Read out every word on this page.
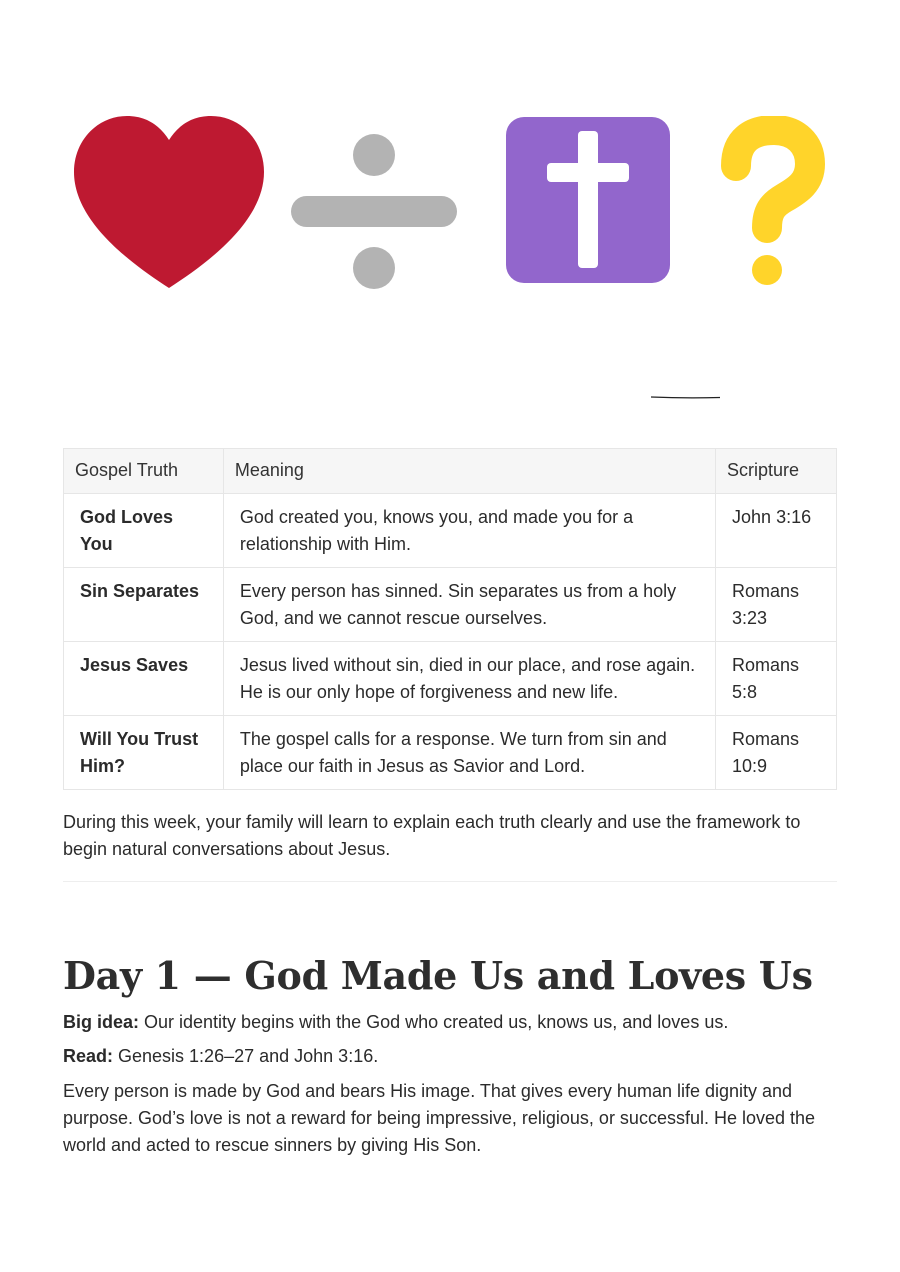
Gospel Truth	Meaning	Scripture
God Loves You	God created you, knows you, and made you for a relationship with Him.	John 3:16
Sin Separates	Every person has sinned. Sin separates us from a holy God, and we cannot rescue ourselves.	Romans 3:23
Jesus Saves	Jesus lived without sin, died in our place, and rose again. He is our only hope of forgiveness and new life.	Romans 5:8
Will You Trust Him?	The gospel calls for a response. We turn from sin and place our faith in Jesus as Savior and Lord.	Romans 10:9

During this week, your family will learn to explain each truth clearly and use the framework to begin natural conversations about Jesus.

Day 1 — God Made Us and Loves Us

Big idea: Our identity begins with the God who created us, knows us, and loves us.

Read: Genesis 1:26–27 and John 3:16.

Every person is made by God and bears His image. That gives every human life dignity and purpose. God’s love is not a reward for being impressive, religious, or successful. He loved the world and acted to rescue sinners by giving His Son.
